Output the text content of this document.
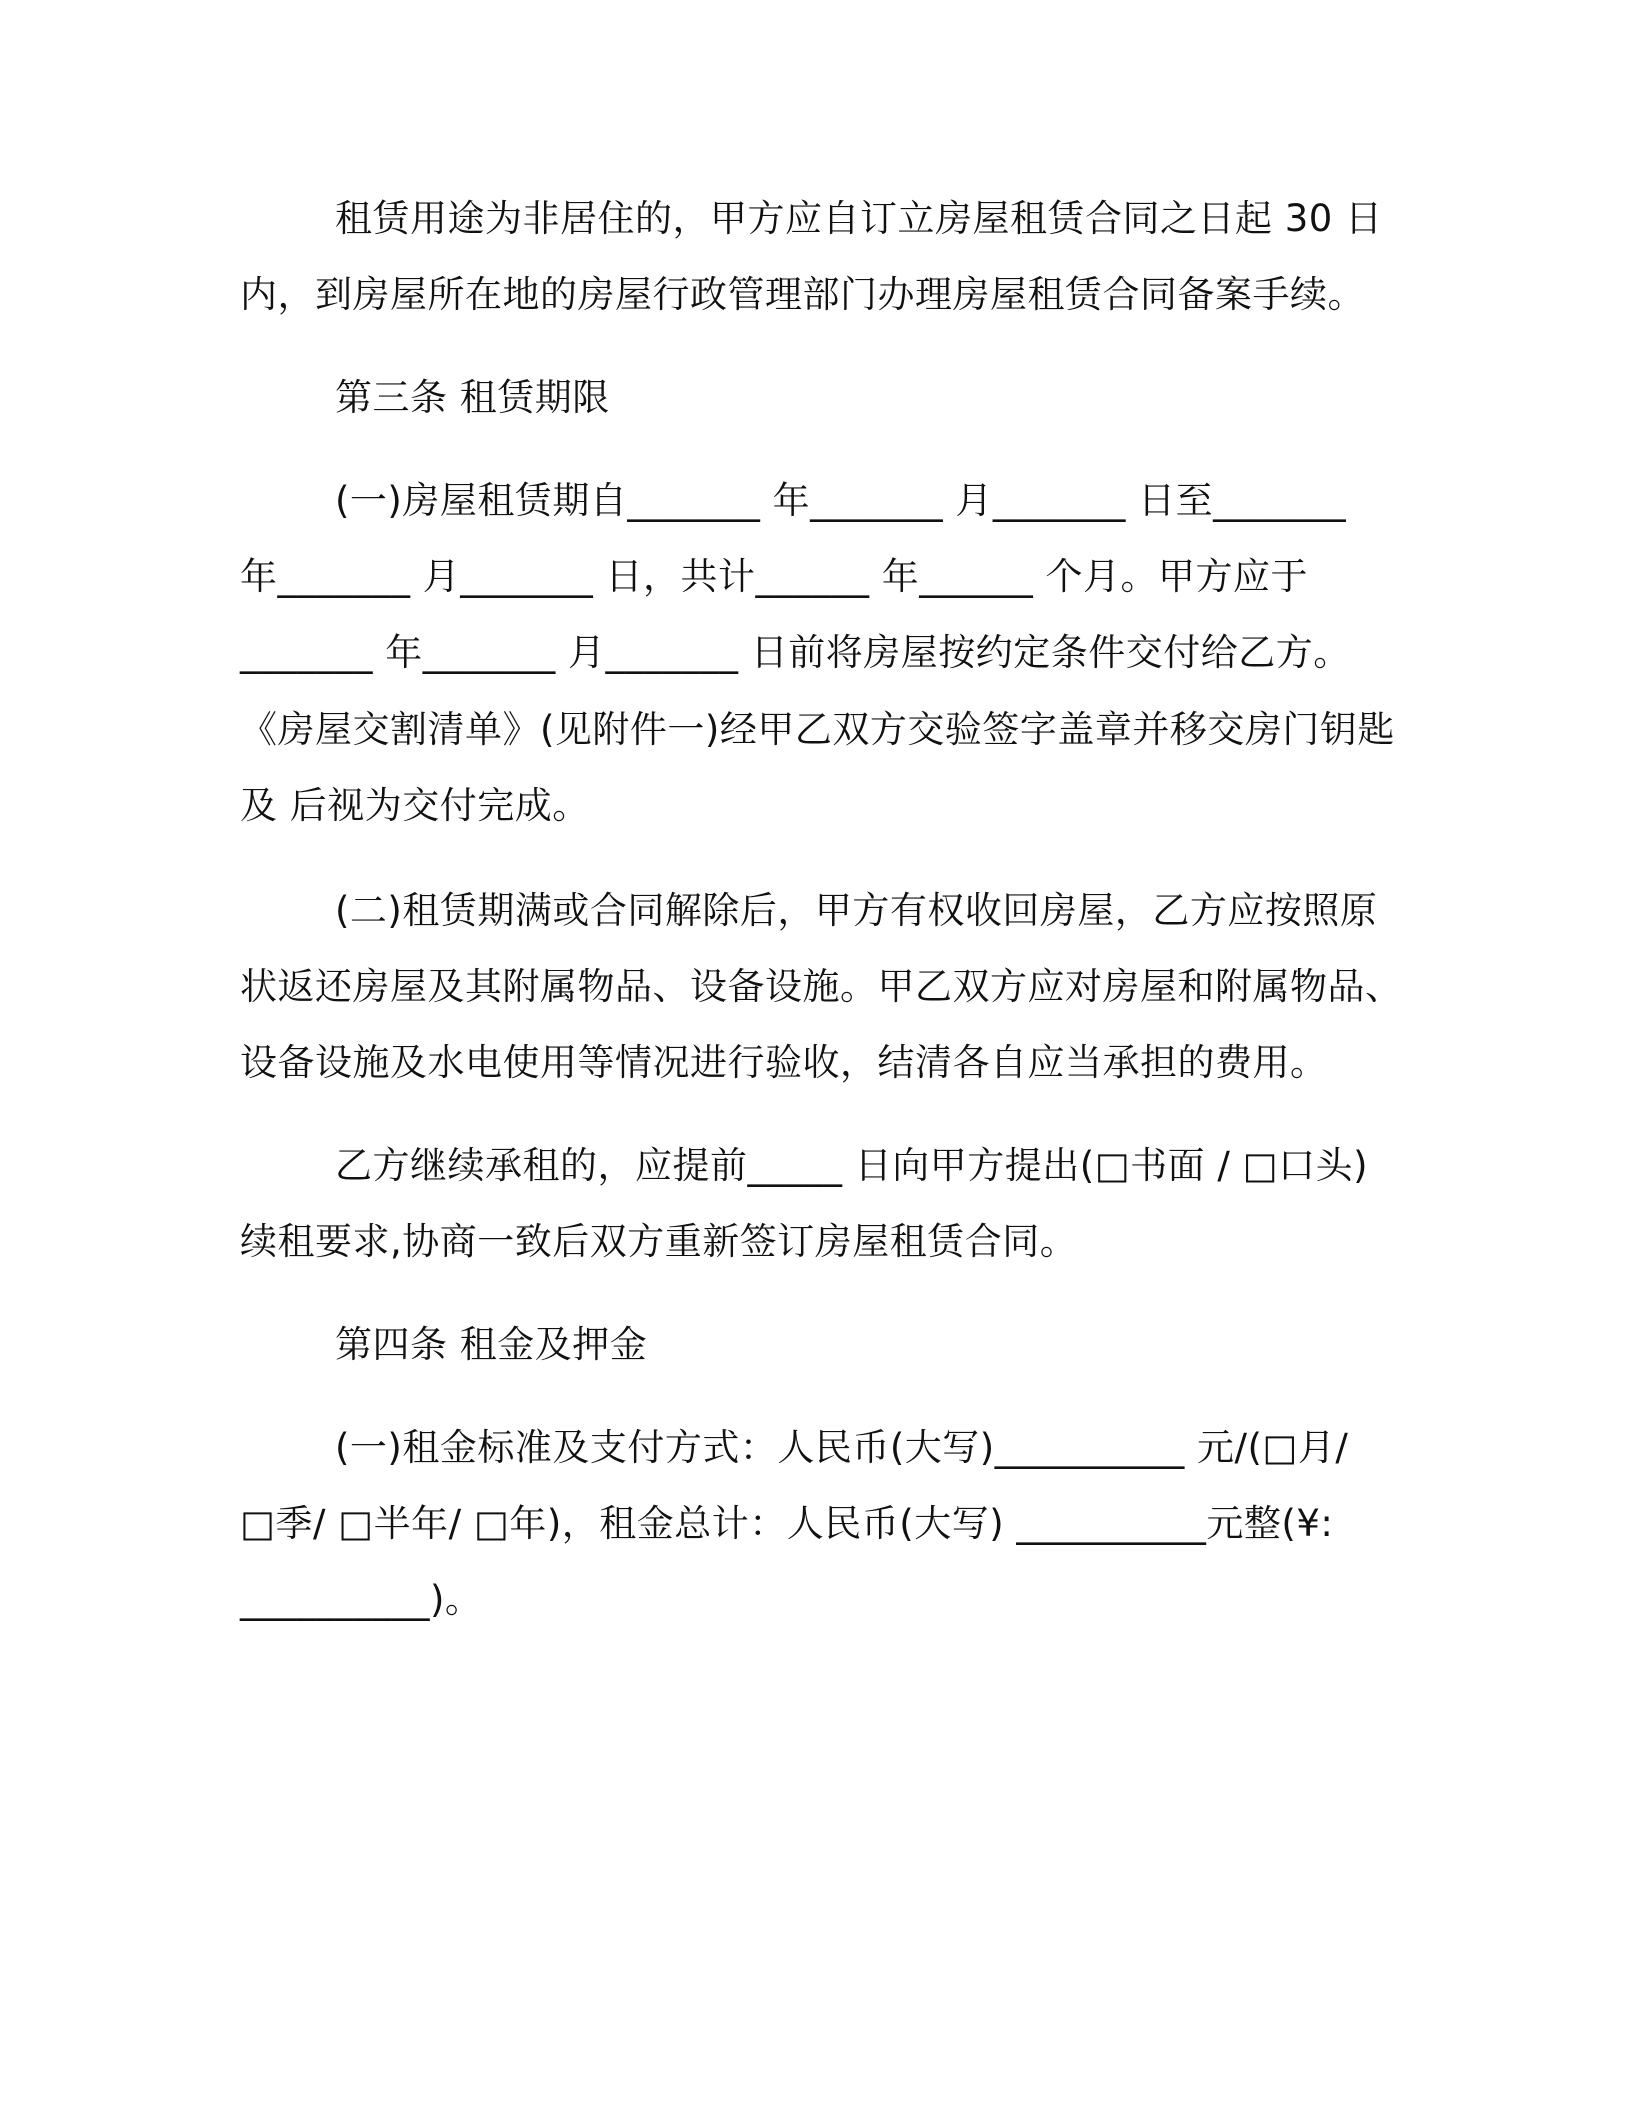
租赁用途为非居住的，甲方应自订立房屋租赁合同之日起 30 日
内，到房屋所在地的房屋行政管理部门办理房屋租赁合同备案手续。
第三条 租赁期限
(一)房屋租赁期自_______ 年_______ 月_______ 日至_______
年_______ 月_______ 日，共计______ 年______ 个月。甲方应于
_______ 年_______ 月_______ 日前将房屋按约定条件交付给乙方。
《房屋交割清单》(见附件一)经甲乙双方交验签字盖章并移交房门钥匙
及 后视为交付完成。
(二)租赁期满或合同解除后，甲方有权收回房屋，乙方应按照原
状返还房屋及其附属物品、设备设施。甲乙双方应对房屋和附属物品、
设备设施及水电使用等情况进行验收，结清各自应当承担的费用。
乙方继续承租的，应提前_____ 日向甲方提出(□书面 / □口头)
续租要求,协商一致后双方重新签订房屋租赁合同。
第四条 租金及押金
(一)租金标准及支付方式：人民币(大写)__________ 元/(□月/
□季/ □半年/ □年)，租金总计：人民币(大写) __________元整(¥:
__________)。
